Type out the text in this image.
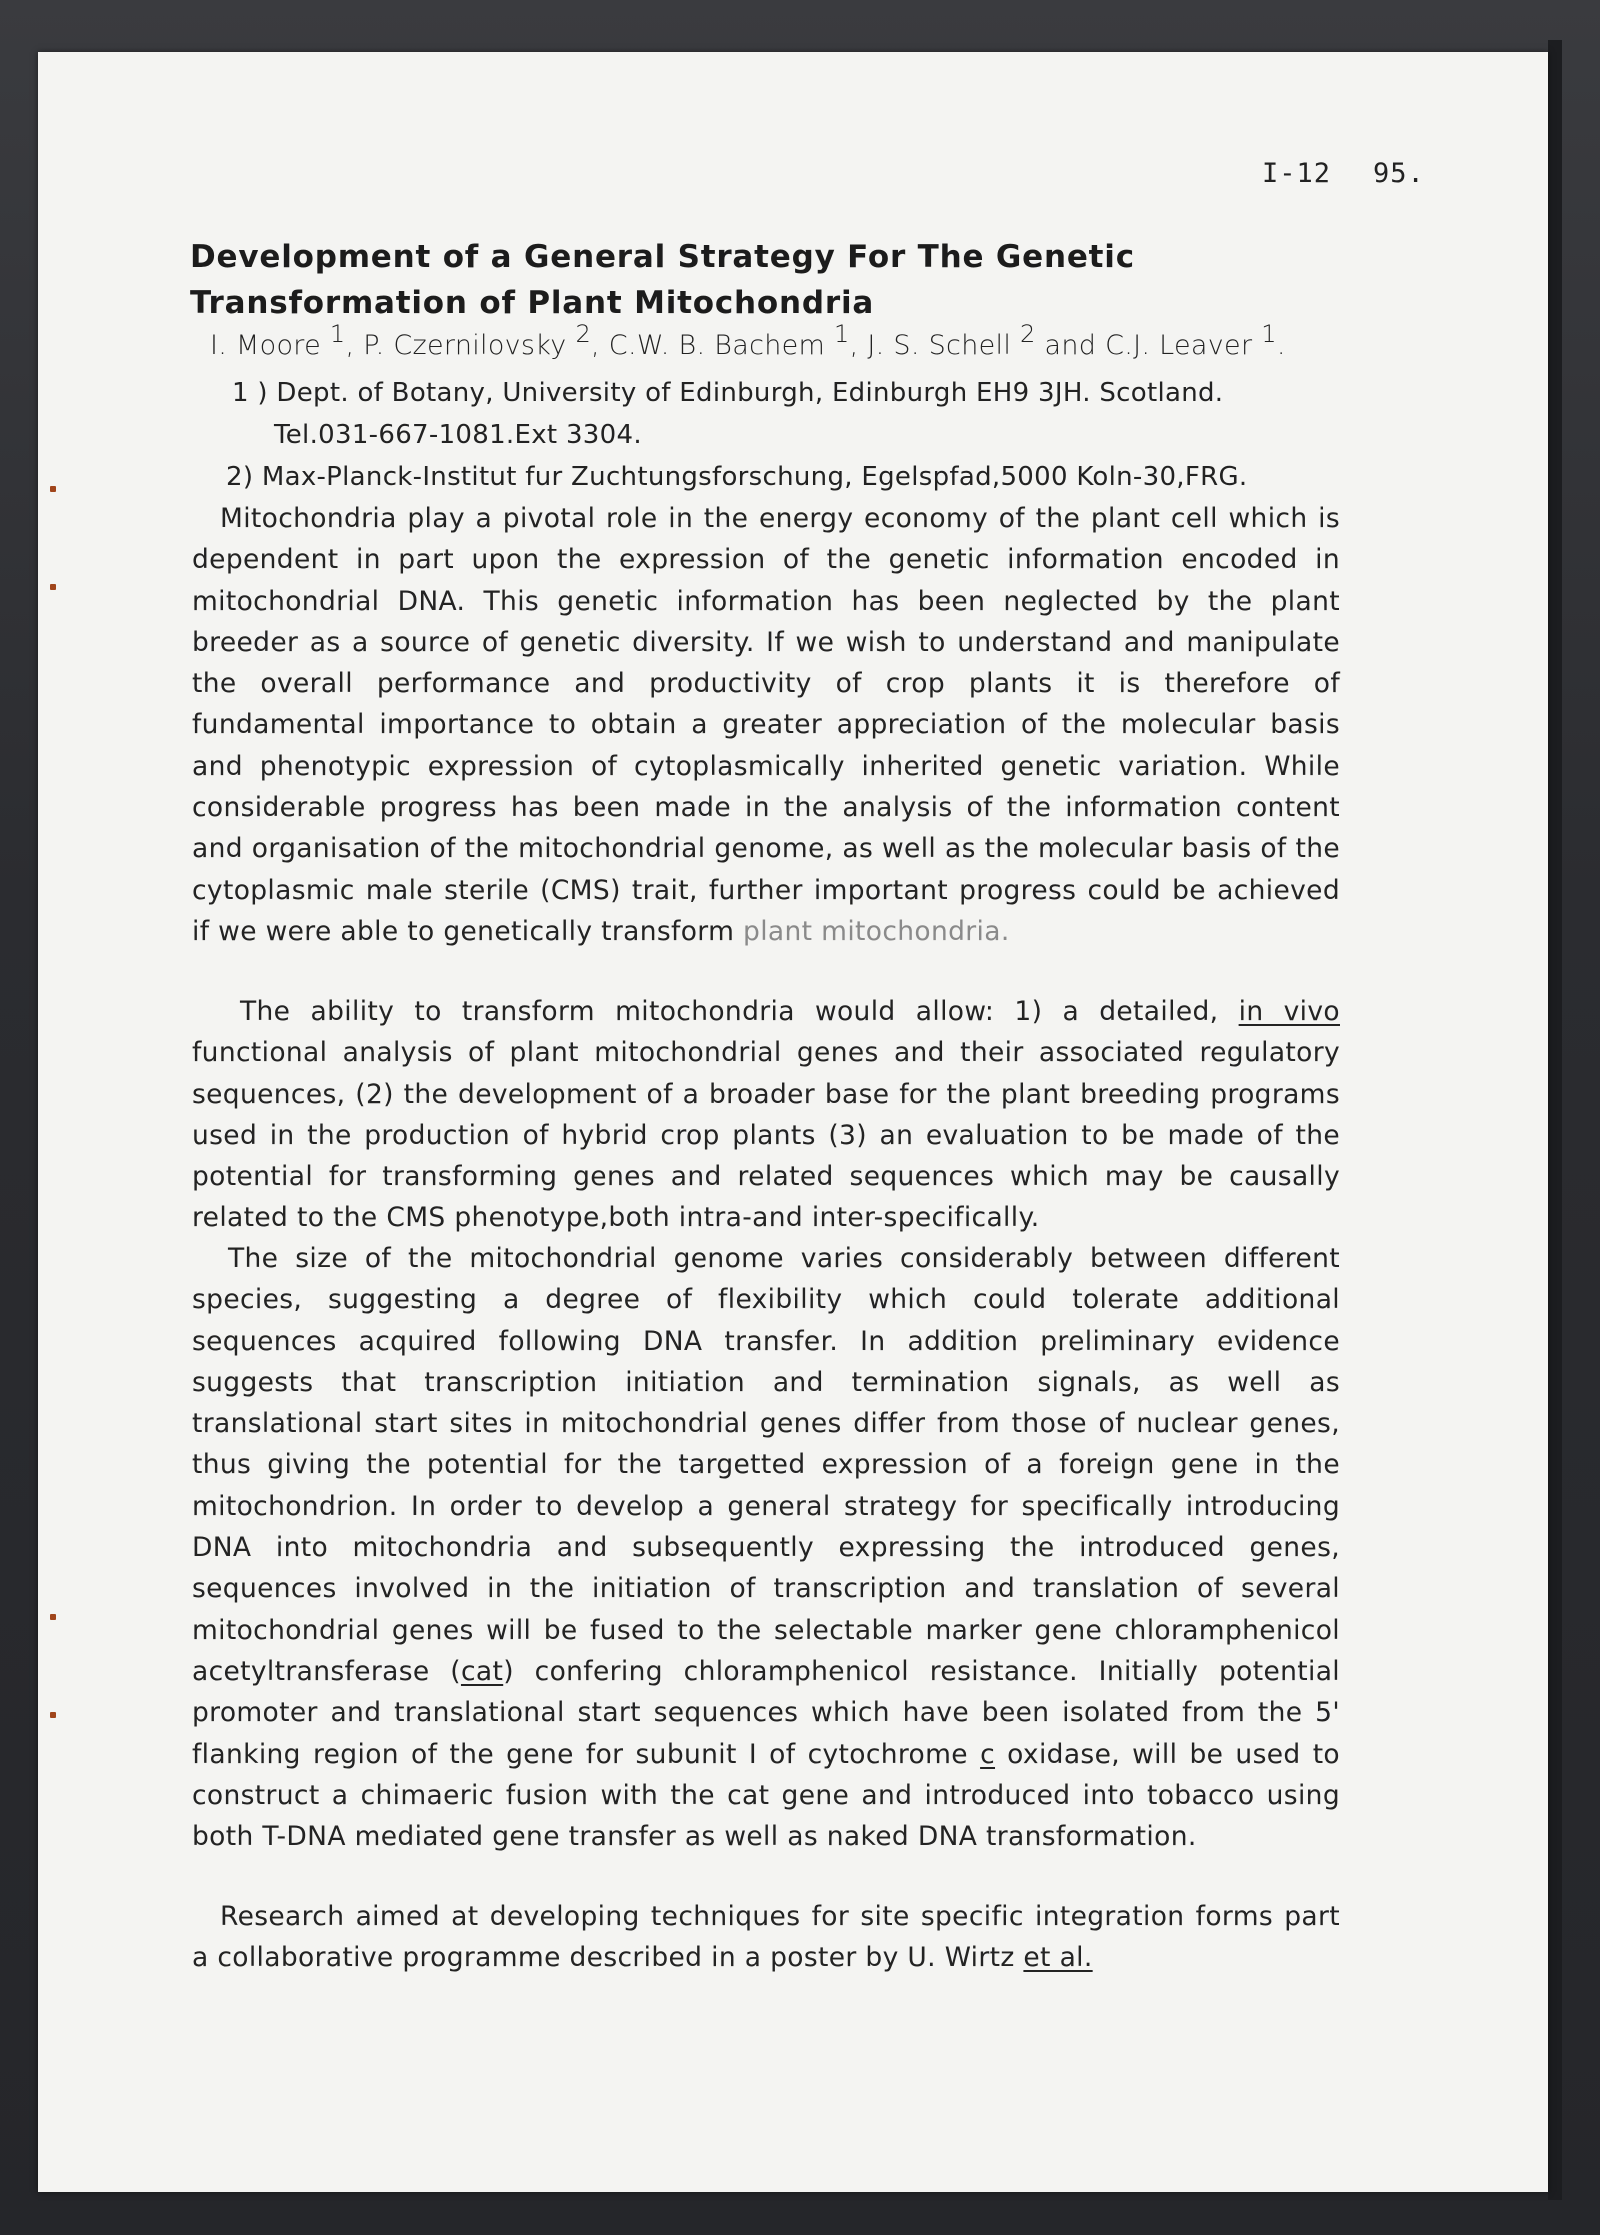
I-12 95.
Development of a General Strategy For The Genetic Transformation of Plant Mitochondria
I. Moore $^1$, P. Czernilovsky $^2$, C.W. B. Bachem $^1$, J. S. Schell $^2$ and C.J. Leaver $^1$.
1 ) Dept. of Botany, University of Edinburgh, Edinburgh EH9 3JH. Scotland.
Tel.031-667-1081.Ext 3304.
2) Max-Planck-Institut fur Zuchtungsforschung, Egelspfad,5000 Koln-30,FRG.

Mitochondria play a pivotal role in the energy economy of the plant cell which is dependent in part upon the expression of the genetic information encoded in mitochondrial DNA. This genetic information has been neglected by the plant breeder as a source of genetic diversity. If we wish to understand and manipulate the overall performance and productivity of crop plants it is therefore of fundamental importance to obtain a greater appreciation of the molecular basis and phenotypic expression of cytoplasmically inherited genetic variation. While considerable progress has been made in the analysis of the information content and organisation of the mitochondrial genome, as well as the molecular basis of the cytoplasmic male sterile (CMS) trait, further important progress could be achieved if we were able to genetically transform plant mitochondria.

The ability to transform mitochondria would allow: 1) a detailed, in vivo functional analysis of plant mitochondrial genes and their associated regulatory sequences, (2) the development of a broader base for the plant breeding programs used in the production of hybrid crop plants (3) an evaluation to be made of the potential for transforming genes and related sequences which may be causally related to the CMS phenotype,both intra-and inter-specifically.

The size of the mitochondrial genome varies considerably between different species, suggesting a degree of flexibility which could tolerate additional sequences acquired following DNA transfer. In addition preliminary evidence suggests that transcription initiation and termination signals, as well as translational start sites in mitochondrial genes differ from those of nuclear genes, thus giving the potential for the targetted expression of a foreign gene in the mitochondrion. In order to develop a general strategy for specifically introducing DNA into mitochondria and subsequently expressing the introduced genes, sequences involved in the initiation of transcription and translation of several mitochondrial genes will be fused to the selectable marker gene chloramphenicol acetyltransferase (cat) confering chloramphenicol resistance. Initially potential promoter and translational start sequences which have been isolated from the 5' flanking region of the gene for subunit I of cytochrome c oxidase, will be used to construct a chimaeric fusion with the cat gene and introduced into tobacco using both T-DNA mediated gene transfer as well as naked DNA transformation.

Research aimed at developing techniques for site specific integration forms part a collaborative programme described in a poster by U. Wirtz et al.
